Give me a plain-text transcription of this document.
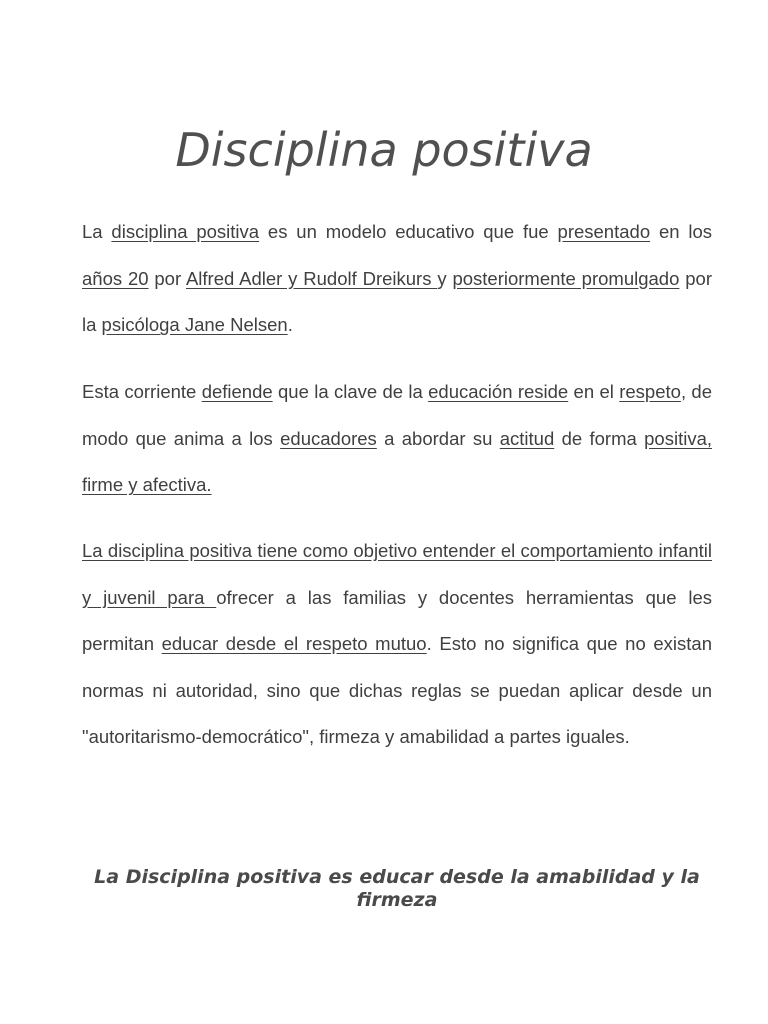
Disciplina positiva

La disciplina positiva es un modelo educativo que fue presentado en los años 20 por Alfred Adler y Rudolf Dreikurs y posteriormente promulgado por la psicóloga Jane Nelsen.

Esta corriente defiende que la clave de la educación reside en el respeto, de modo que anima a los educadores a abordar su actitud de forma positiva, firme y afectiva.

La disciplina positiva tiene como objetivo entender el comportamiento infantil y juvenil para ofrecer a las familias y docentes herramientas que les permitan educar desde el respeto mutuo. Esto no significa que no existan normas ni autoridad, sino que dichas reglas se puedan aplicar desde un "autoritarismo-democrático", firmeza y amabilidad a partes iguales.

La Disciplina positiva es educar desde la amabilidad y la firmeza
